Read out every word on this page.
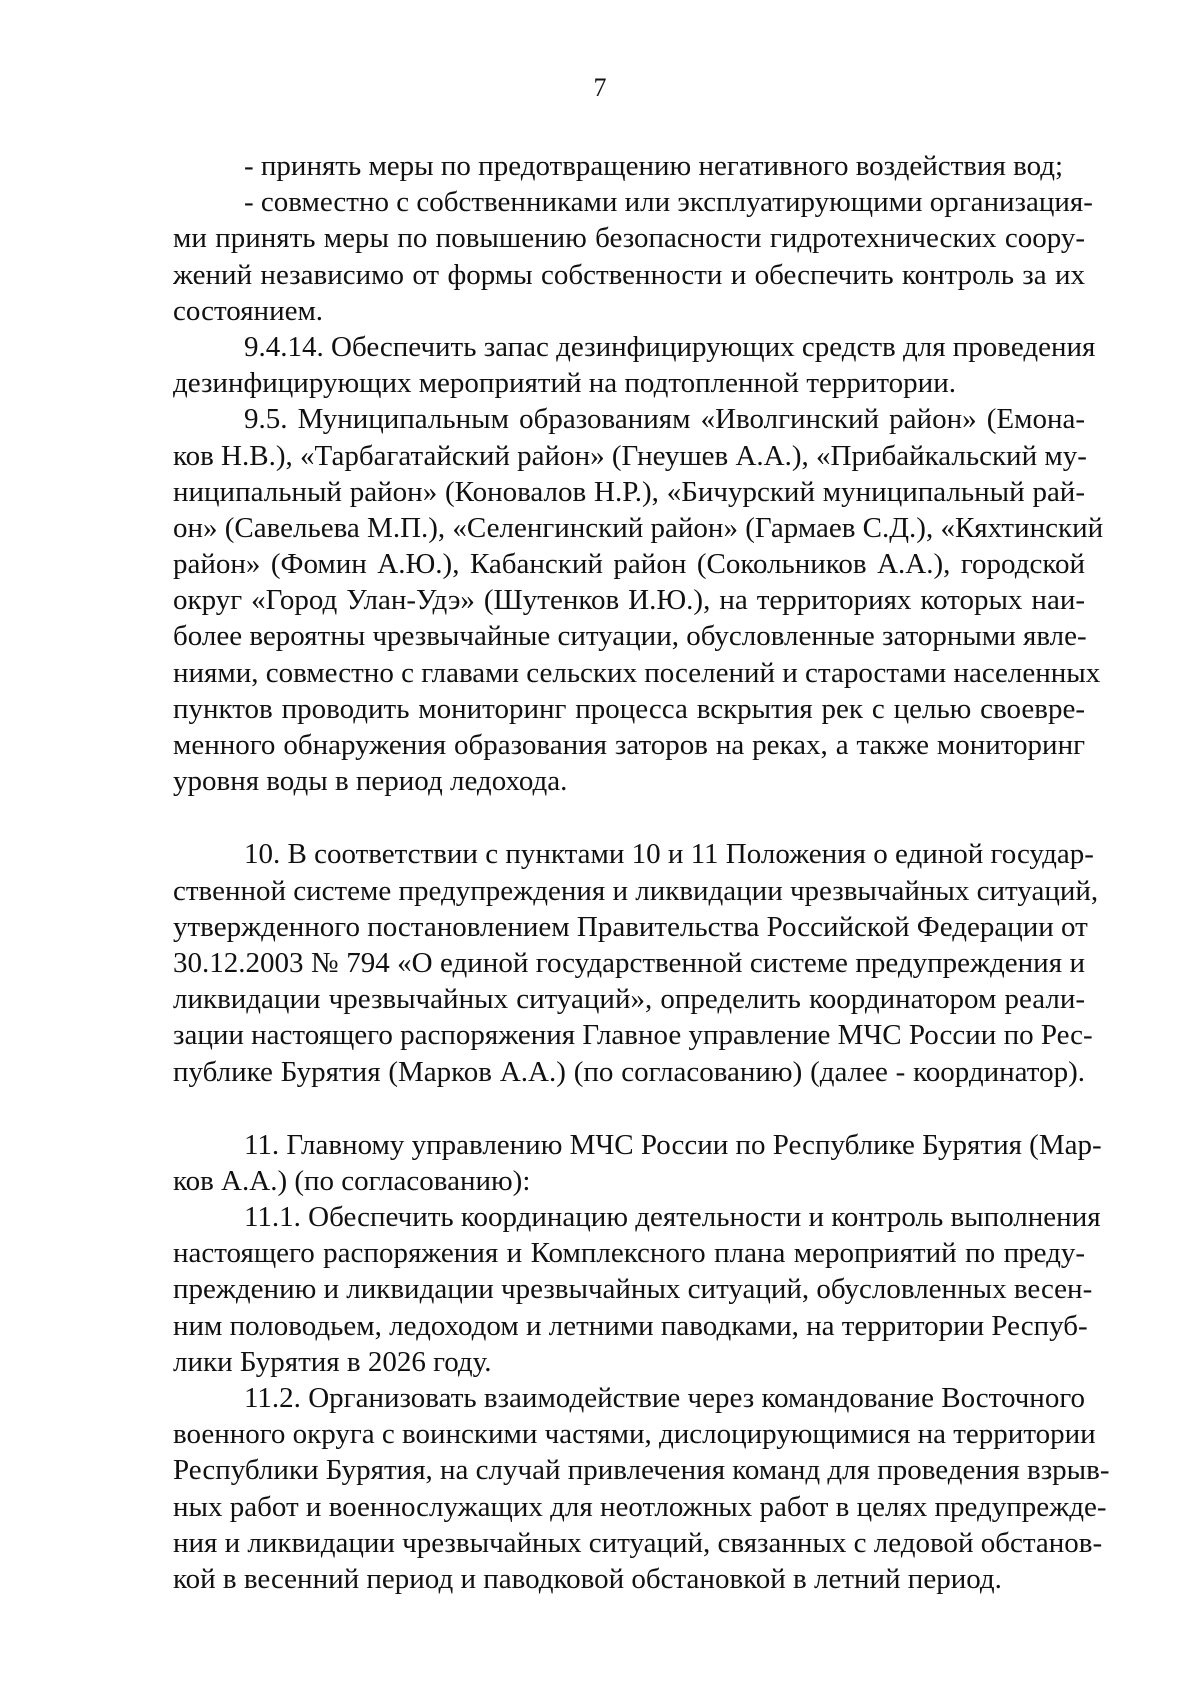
7
- принять меры по предотвращению негативного воздействия вод;
- совместно с собственниками или эксплуатирующими организация-
ми принять меры по повышению безопасности гидротехнических соору-
жений независимо от формы собственности и обеспечить контроль за их
состоянием.
9.4.14. Обеспечить запас дезинфицирующих средств для проведения
дезинфицирующих мероприятий на подтопленной территории.
9.5. Муниципальным образованиям «Иволгинский район» (Емона-
ков Н.В.), «Тарбагатайский район» (Гнеушев А.А.), «Прибайкальский му-
ниципальный район» (Коновалов Н.Р.), «Бичурский муниципальный рай-
он» (Савельева М.П.), «Селенгинский район» (Гармаев С.Д.), «Кяхтинский
район» (Фомин А.Ю.), Кабанский район (Сокольников А.А.), городской
округ «Город Улан-Удэ» (Шутенков И.Ю.), на территориях которых наи-
более вероятны чрезвычайные ситуации, обусловленные заторными явле-
ниями, совместно с главами сельских поселений и старостами населенных
пунктов проводить мониторинг процесса вскрытия рек с целью своевре-
менного обнаружения образования заторов на реках, а также мониторинг
уровня воды в период ледохода.
10. В соответствии с пунктами 10 и 11 Положения о единой государ-
ственной системе предупреждения и ликвидации чрезвычайных ситуаций,
утвержденного постановлением Правительства Российской Федерации от
30.12.2003 № 794 «О единой государственной системе предупреждения и
ликвидации чрезвычайных ситуаций», определить координатором реали-
зации настоящего распоряжения Главное управление МЧС России по Рес-
публике Бурятия (Марков А.А.) (по согласованию) (далее - координатор).
11. Главному управлению МЧС России по Республике Бурятия (Мар-
ков А.А.) (по согласованию):
11.1. Обеспечить координацию деятельности и контроль выполнения
настоящего распоряжения и Комплексного плана мероприятий по преду-
преждению и ликвидации чрезвычайных ситуаций, обусловленных весен-
ним половодьем, ледоходом и летними паводками, на территории Респуб-
лики Бурятия в 2026 году.
11.2. Организовать взаимодействие через командование Восточного
военного округа с воинскими частями, дислоцирующимися на территории
Республики Бурятия, на случай привлечения команд для проведения взрыв-
ных работ и военнослужащих для неотложных работ в целях предупрежде-
ния и ликвидации чрезвычайных ситуаций, связанных с ледовой обстанов-
кой в весенний период и паводковой обстановкой в летний период.
